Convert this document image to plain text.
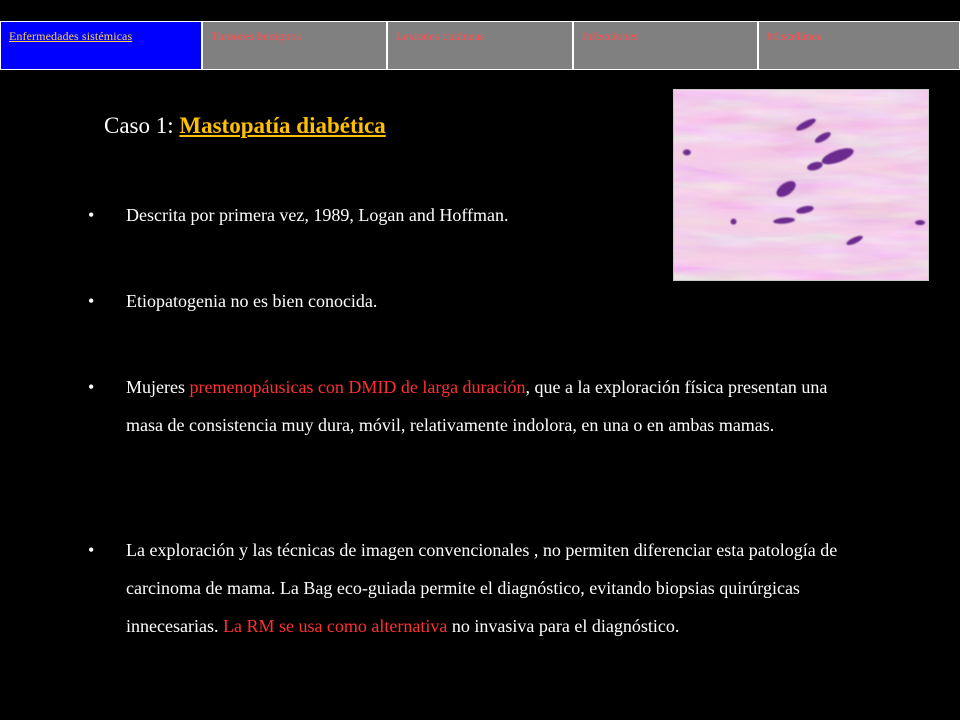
Enfermedades sistémicas	Tumores benignos	Lesiones cutáneas	Infecciones	Miscelánea
Caso 1: Mastopatía diabética
• Descrita por primera vez, 1989, Logan and Hoffman.
• Etiopatogenia no es bien conocida.
• Mujeres premenopáusicas con DMID de larga duración, que a la exploración física presentan una masa de consistencia muy dura, móvil, relativamente indolora, en una o en ambas mamas.
• La exploración y las técnicas de imagen convencionales , no permiten diferenciar esta patología de carcinoma de mama. La Bag eco-guiada permite el diagnóstico, evitando biopsias quirúrgicas innecesarias. La RM se usa como alternativa no invasiva para el diagnóstico.
